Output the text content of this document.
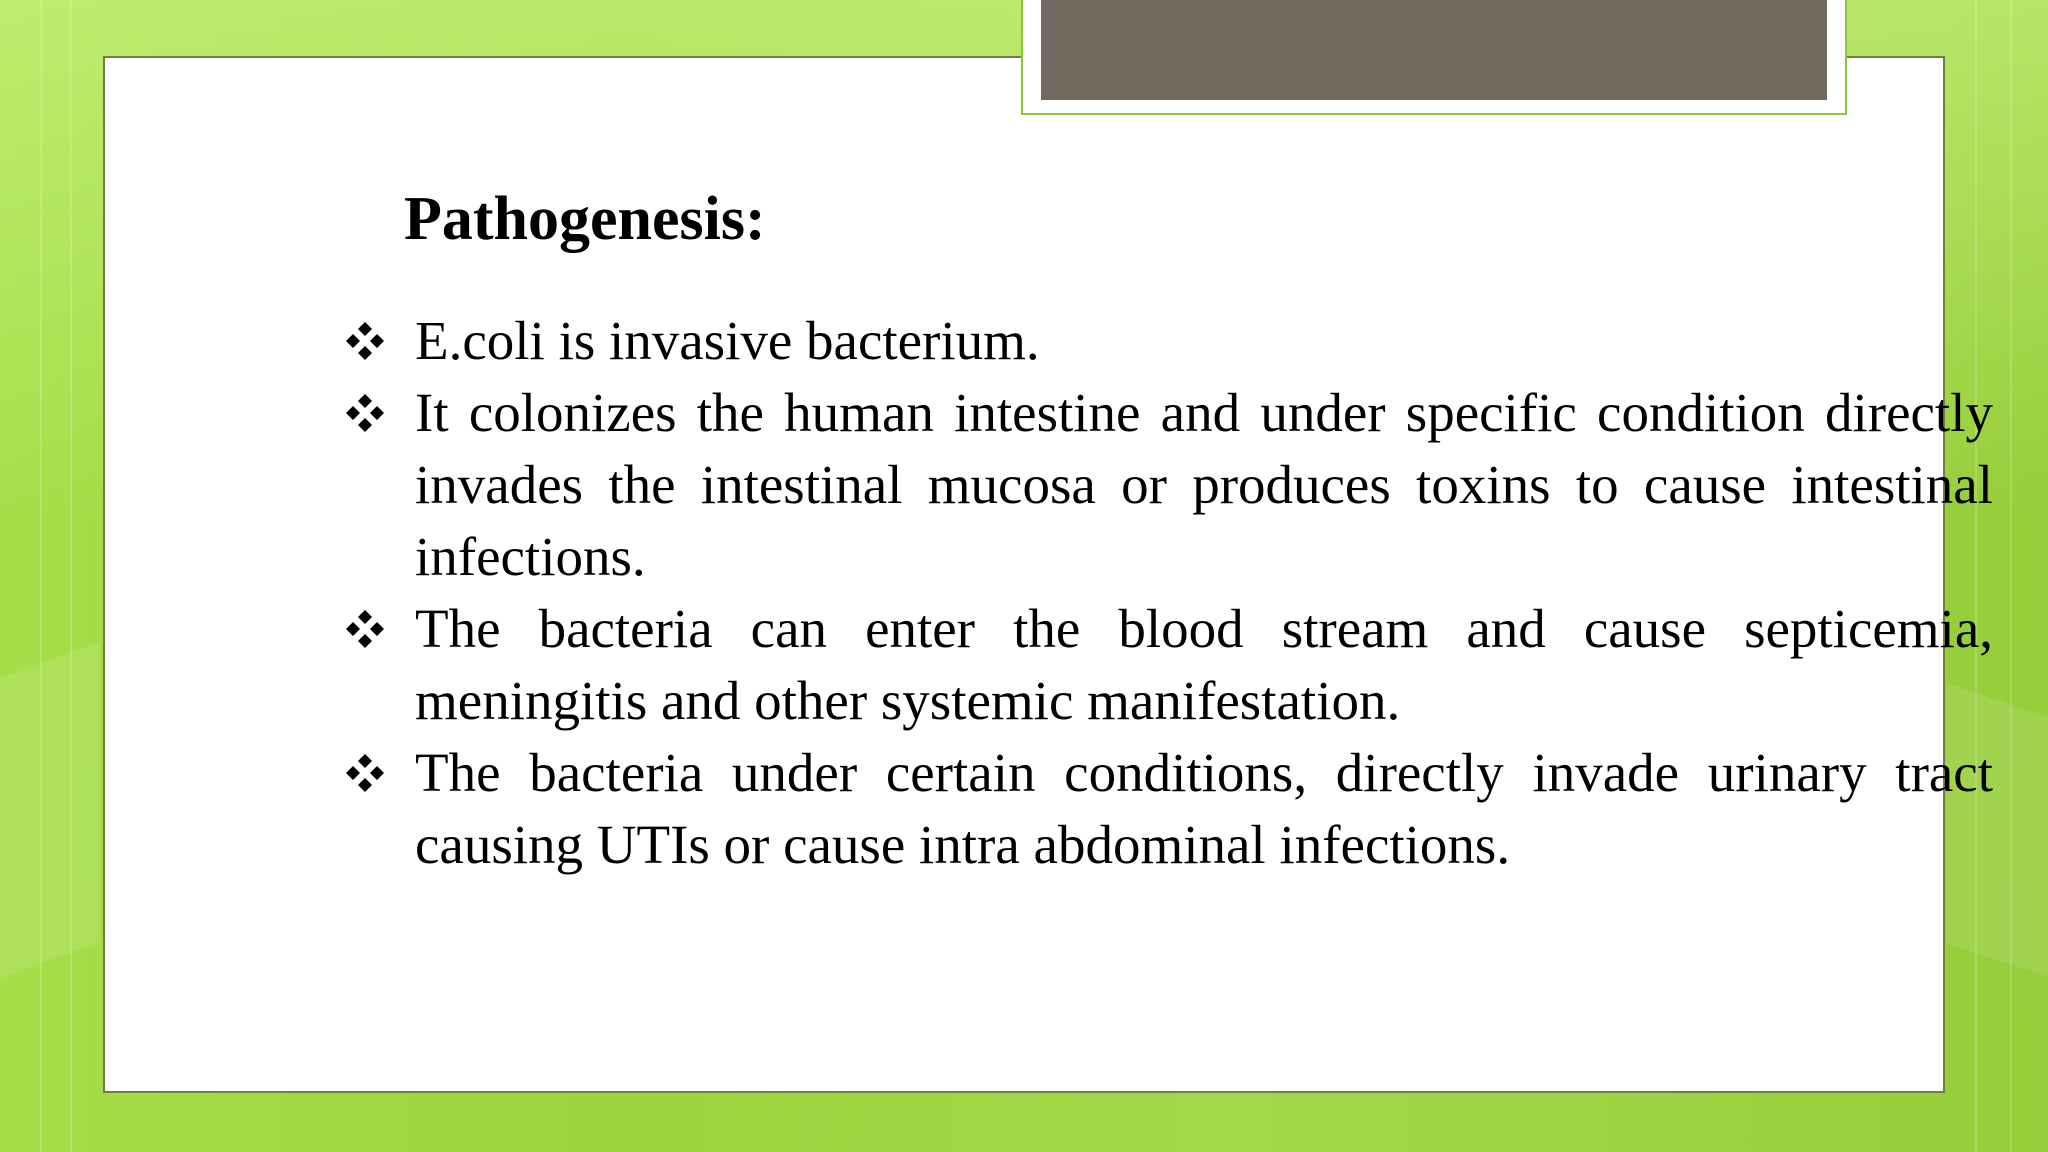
Pathogenesis:
E.coli is invasive bacterium.
It colonizes the human intestine and under specific condition directly invades the intestinal mucosa or produces toxins to cause intestinal infections.
The bacteria can enter the blood stream and cause septicemia, meningitis and other systemic manifestation.
The bacteria under certain conditions, directly invade urinary tract causing UTIs or cause intra abdominal infections.
